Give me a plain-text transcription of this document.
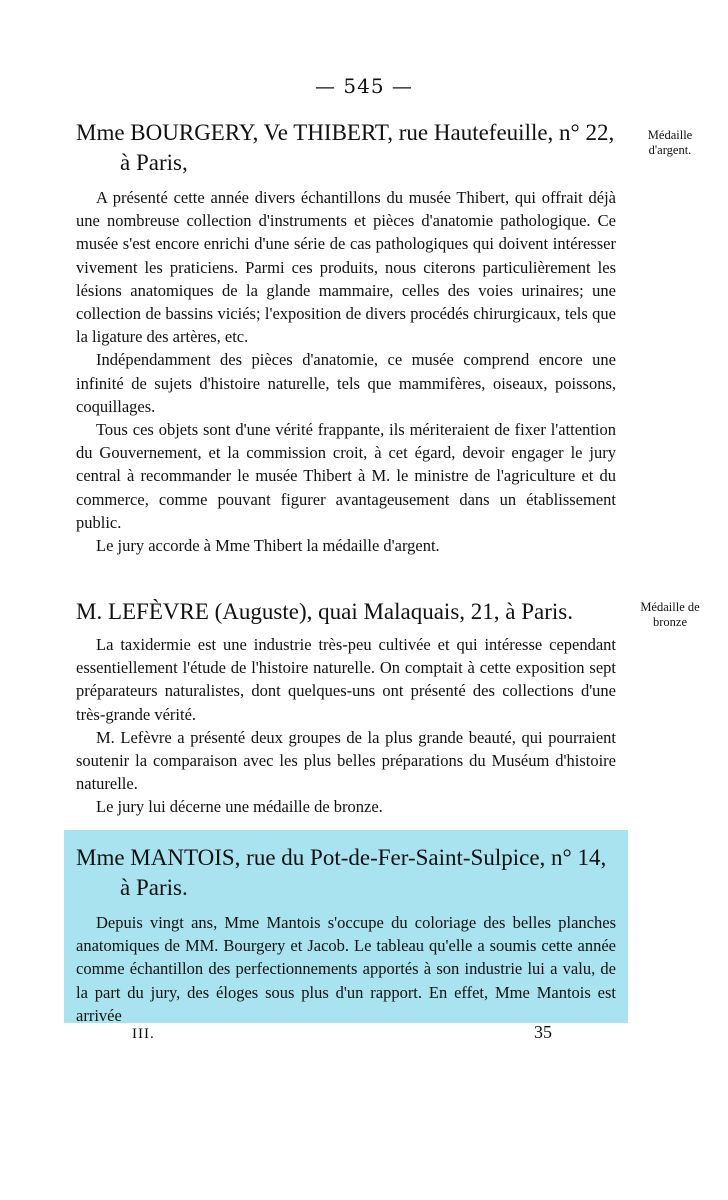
— 545 —

Mme BOURGERY, Ve THIBERT, rue Hautefeuille, n° 22,
à Paris,

A présenté cette année divers échantillons du musée Thibert, qui offrait déjà une nombreuse collection d'instruments et pièces d'anatomie pathologique. Ce musée s'est encore enrichi d'une série de cas pathologiques qui doivent intéresser vivement les praticiens. Parmi ces produits, nous citerons particulièrement les lésions anatomiques de la glande mammaire, celles des voies urinaires; une collection de bassins viciés; l'exposition de divers procédés chirurgicaux, tels que la ligature des artères, etc.

Indépendamment des pièces d'anatomie, ce musée comprend encore une infinité de sujets d'histoire naturelle, tels que mammifères, oiseaux, poissons, coquillages.

Tous ces objets sont d'une vérité frappante, ils mériteraient de fixer l'attention du Gouvernement, et la commission croit, à cet égard, devoir engager le jury central à recommander le musée Thibert à M. le ministre de l'agriculture et du commerce, comme pouvant figurer avantageusement dans un établissement public.

Le jury accorde à Mme Thibert la médaille d'argent.

Médaille d'argent.

M. LEFÈVRE (Auguste), quai Malaquais, 21, à Paris.

La taxidermie est une industrie très-peu cultivée et qui intéresse cependant essentiellement l'étude de l'histoire naturelle. On comptait à cette exposition sept préparateurs naturalistes, dont quelques-uns ont présenté des collections d'une très-grande vérité.

M. Lefèvre a présenté deux groupes de la plus grande beauté, qui pourraient soutenir la comparaison avec les plus belles préparations du Muséum d'histoire naturelle.

Le jury lui décerne une médaille de bronze.

Médaille de bronze

Mme MANTOIS, rue du Pot-de-Fer-Saint-Sulpice, n° 14,
à Paris.

Depuis vingt ans, Mme Mantois s'occupe du coloriage des belles planches anatomiques de MM. Bourgery et Jacob. Le tableau qu'elle a soumis cette année comme échantillon des perfectionnements apportés à son industrie lui a valu, de la part du jury, des éloges sous plus d'un rapport. En effet, Mme Mantois est arrivée

III.	35
